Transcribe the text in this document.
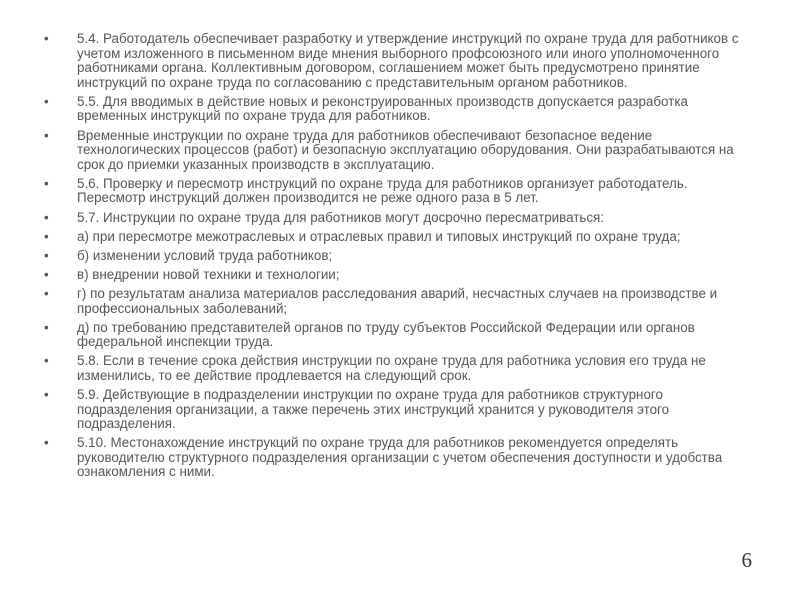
• 5.4. Работодатель обеспечивает разработку и утверждение инструкций по охране труда для работников с учетом изложенного в письменном виде мнения выборного профсоюзного или иного уполномоченного работниками органа. Коллективным договором, соглашением может быть предусмотрено принятие инструкций по охране труда по согласованию с представительным органом работников.
• 5.5. Для вводимых в действие новых и реконструированных производств допускается разработка временных инструкций по охране труда для работников.
• Временные инструкции по охране труда для работников обеспечивают безопасное ведение технологических процессов (работ) и безопасную эксплуатацию оборудования. Они разрабатываются на срок до приемки указанных производств в эксплуатацию.
• 5.6. Проверку и пересмотр инструкций по охране труда для работников организует работодатель. Пересмотр инструкций должен производится не реже одного раза в 5 лет.
• 5.7. Инструкции по охране труда для работников могут досрочно пересматриваться:
• а) при пересмотре межотраслевых и отраслевых правил и типовых инструкций по охране труда;
• б) изменении условий труда работников;
• в) внедрении новой техники и технологии;
• г) по результатам анализа материалов расследования аварий, несчастных случаев на производстве и профессиональных заболеваний;
• д) по требованию представителей органов по труду субъектов Российской Федерации или органов федеральной инспекции труда.
• 5.8. Если в течение срока действия инструкции по охране труда для работника условия его труда не изменились, то ее действие продлевается на следующий срок.
• 5.9. Действующие в подразделении инструкции по охране труда для работников структурного подразделения организации, а также перечень этих инструкций хранится у руководителя этого подразделения.
• 5.10. Местонахождение инструкций по охране труда для работников рекомендуется определять руководителю структурного подразделения организации с учетом обеспечения доступности и удобства ознакомления с ними.
6
